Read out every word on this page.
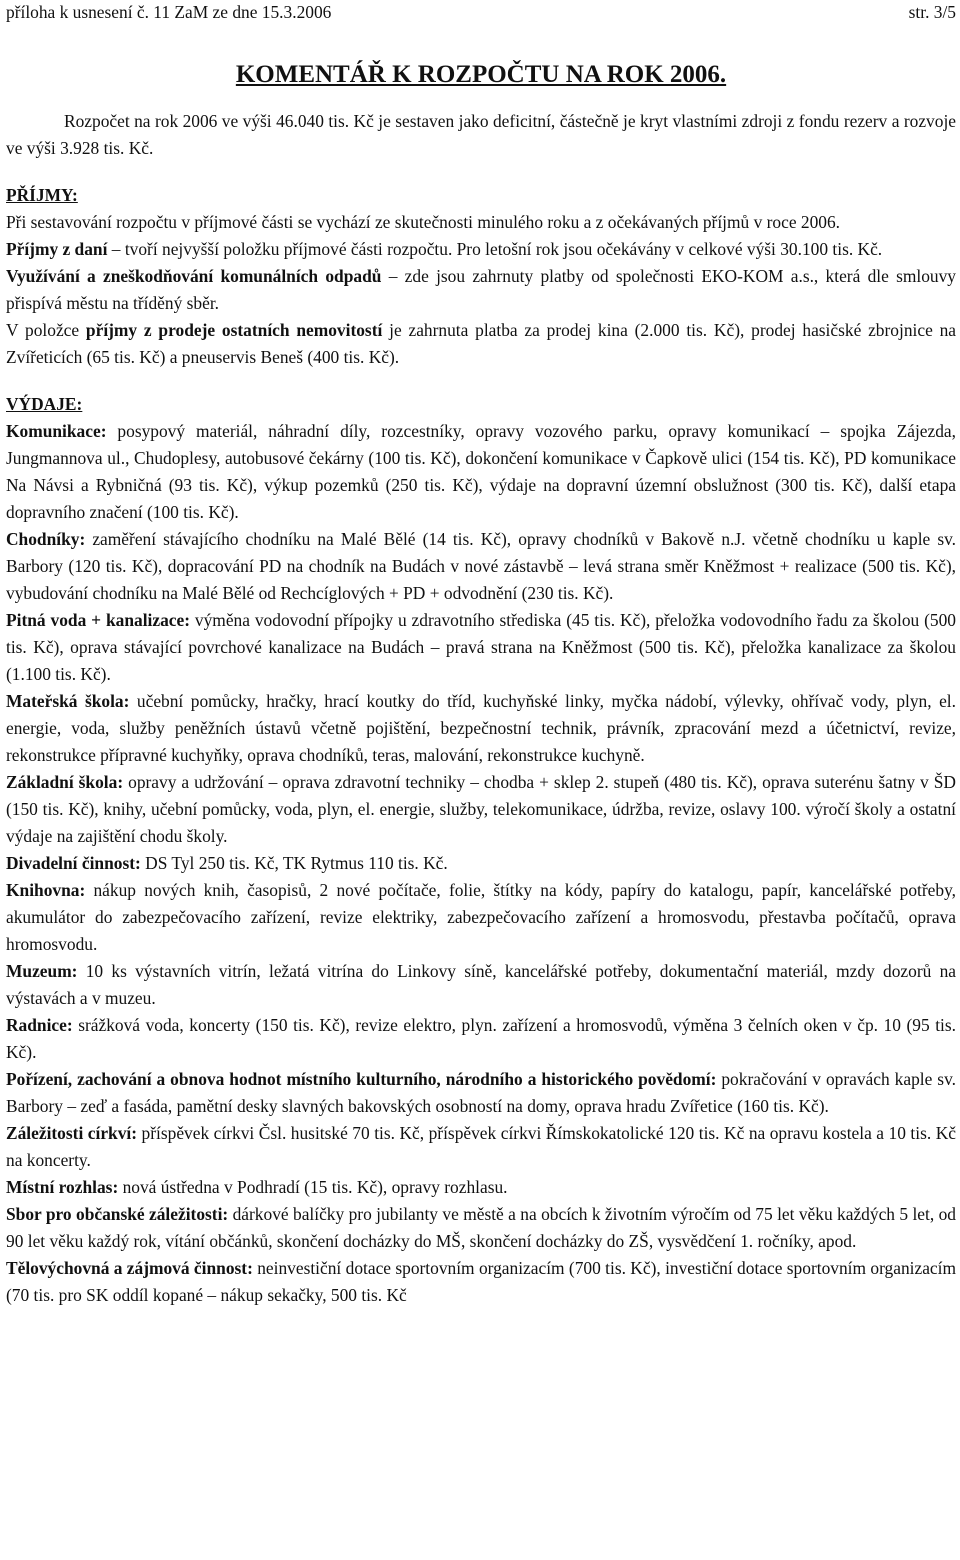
příloha k usnesení č. 11 ZaM ze dne 15.3.2006	str. 3/5
KOMENTÁŘ K ROZPOČTU NA ROK 2006.
Rozpočet na rok 2006 ve výši 46.040 tis. Kč je sestaven jako deficitní, částečně je kryt vlastními zdroji z fondu rezerv a rozvoje ve výši 3.928 tis. Kč.
PŘÍJMY:
Při sestavování rozpočtu v příjmové části se vychází ze skutečnosti minulého roku a z očekávaných příjmů v roce 2006.
Příjmy z daní – tvoří nejvyšší položku příjmové části rozpočtu. Pro letošní rok jsou očekávány v celkové výši 30.100 tis. Kč.
Využívání a zneškodňování komunálních odpadů – zde jsou zahrnuty platby od společnosti EKO-KOM a.s., která dle smlouvy přispívá městu na tříděný sběr.
V položce příjmy z prodeje ostatních nemovitostí je zahrnuta platba za prodej kina (2.000 tis. Kč), prodej hasičské zbrojnice na Zvířeticích (65 tis. Kč) a pneuservis Beneš (400 tis. Kč).
VÝDAJE:
Komunikace: posypový materiál, náhradní díly, rozcestníky, opravy vozového parku, opravy komunikací – spojka Zájezda, Jungmannova ul., Chudoplesy, autobusové čekárny (100 tis. Kč), dokončení komunikace v Čapkově ulici (154 tis. Kč), PD komunikace Na Návsi a Rybničná (93 tis. Kč), výkup pozemků (250 tis. Kč), výdaje na dopravní územní obslužnost (300 tis. Kč), další etapa dopravního značení (100 tis. Kč).
Chodníky: zaměření stávajícího chodníku na Malé Bělé (14 tis. Kč), opravy chodníků v Bakově n.J. včetně chodníku u kaple sv. Barbory (120 tis. Kč), dopracování PD na chodník na Budách v nové zástavbě – levá strana směr Kněžmost + realizace (500 tis. Kč), vybudování chodníku na Malé Bělé od Rechcíglových + PD + odvodnění (230 tis. Kč).
Pitná voda + kanalizace: výměna vodovodní přípojky u zdravotního střediska (45 tis. Kč), přeložka vodovodního řadu za školou (500 tis. Kč), oprava stávající povrchové kanalizace na Budách – pravá strana na Kněžmost (500 tis. Kč), přeložka kanalizace za školou (1.100 tis. Kč).
Mateřská škola: učební pomůcky, hračky, hrací koutky do tříd, kuchyňské linky, myčka nádobí, výlevky, ohřívač vody, plyn, el. energie, voda, služby peněžních ústavů včetně pojištění, bezpečnostní technik, právník, zpracování mezd a účetnictví, revize, rekonstrukce přípravné kuchyňky, oprava chodníků, teras, malování, rekonstrukce kuchyně.
Základní škola: opravy a udržování – oprava zdravotní techniky – chodba + sklep 2. stupeň (480 tis. Kč), oprava suterénu šatny v ŠD (150 tis. Kč), knihy, učební pomůcky, voda, plyn, el. energie, služby, telekomunikace, údržba, revize, oslavy 100. výročí školy a ostatní výdaje na zajištění chodu školy.
Divadelní činnost: DS Tyl 250 tis. Kč, TK Rytmus 110 tis. Kč.
Knihovna: nákup nových knih, časopisů, 2 nové počítače, folie, štítky na kódy, papíry do katalogu, papír, kancelářské potřeby, akumulátor do zabezpečovacího zařízení, revize elektriky, zabezpečovacího zařízení a hromosvodu, přestavba počítačů, oprava hromosvodu.
Muzeum: 10 ks výstavních vitrín, ležatá vitrína do Linkovy síně, kancelářské potřeby, dokumentační materiál, mzdy dozorů na výstavách a v muzeu.
Radnice: srážková voda, koncerty (150 tis. Kč), revize elektro, plyn. zařízení a hromosvodů, výměna 3 čelních oken v čp. 10 (95 tis. Kč).
Pořízení, zachování a obnova hodnot místního kulturního, národního a historického povědomí: pokračování v opravách kaple sv. Barbory – zeď a fasáda, pamětní desky slavných bakovských osobností na domy, oprava hradu Zvířetice (160 tis. Kč).
Záležitosti církví: příspěvek církvi Čsl. husitské 70 tis. Kč, příspěvek církvi Římskokatolické 120 tis. Kč na opravu kostela a 10 tis. Kč na koncerty.
Místní rozhlas: nová ústředna v Podhradí (15 tis. Kč), opravy rozhlasu.
Sbor pro občanské záležitosti: dárkové balíčky pro jubilanty ve městě a na obcích k životním výročím od 75 let věku každých 5 let, od 90 let věku každý rok, vítání občánků, skončení docházky do MŠ, skončení docházky do ZŠ, vysvědčení 1. ročníky, apod.
Tělovýchovná a zájmová činnost: neinvestiční dotace sportovním organizacím (700 tis. Kč), investiční dotace sportovním organizacím (70 tis. pro SK oddíl kopané – nákup sekačky, 500 tis. Kč
